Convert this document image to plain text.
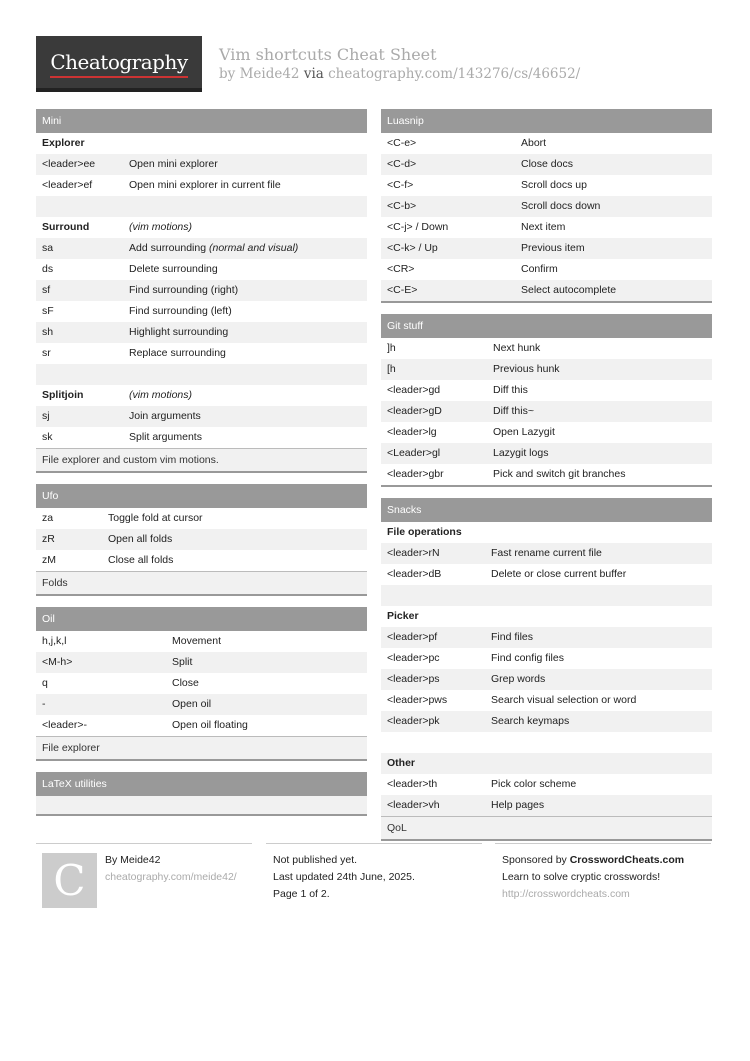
Cheatography	Vim shortcuts Cheat Sheet
by Meide42 via cheatography.com/143276/cs/46652/
Mini
Explorer
<leader>ee	Open mini explorer
<leader>ef	Open mini explorer in current file
Surround	(vim motions)
sa	Add surrounding (normal and visual)
ds	Delete surrounding
sf	Find surrounding (right)
sF	Find surrounding (left)
sh	Highlight surrounding
sr	Replace surrounding
Splitjoin	(vim motions)
sj	Join arguments
sk	Split arguments
File explorer and custom vim motions.
Ufo
za	Toggle fold at cursor
zR	Open all folds
zM	Close all folds
Folds
Oil
h,j,k,l	Movement
<M-h>	Split
q	Close
-	Open oil
<leader>-	Open oil floating
File explorer
LaTeX utilities
Luasnip
<C-e>	Abort
<C-d>	Close docs
<C-f>	Scroll docs up
<C-b>	Scroll docs down
<C-j> / Down	Next item
<C-k> / Up	Previous item
<CR>	Confirm
<C-E>	Select autocomplete
Git stuff
]h	Next hunk
[h	Previous hunk
<leader>gd	Diff this
<leader>gD	Diff this~
<leader>lg	Open Lazygit
<Leader>gl	Lazygit logs
<leader>gbr	Pick and switch git branches
Snacks
File operations
<leader>rN	Fast rename current file
<leader>dB	Delete or close current buffer
Picker
<leader>pf	Find files
<leader>pc	Find config files
<leader>ps	Grep words
<leader>pws	Search visual selection or word
<leader>pk	Search keymaps
Other
<leader>th	Pick color scheme
<leader>vh	Help pages
QoL
C	By Meide42
cheatography.com/meide42/
Not published yet.
Last updated 24th June, 2025.
Page 1 of 2.
Sponsored by CrosswordCheats.com
Learn to solve cryptic crosswords!
http://crosswordcheats.com
